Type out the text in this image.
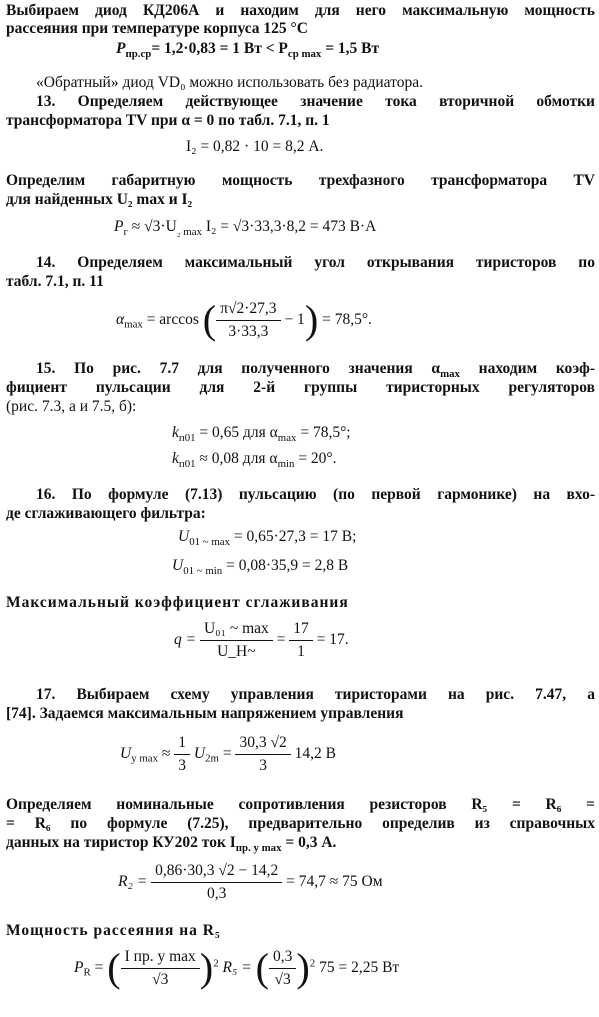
Выбираем диод КД206А и находим для него максимальную мощность
рассеяния при температуре корпуса 125 °C
$P_{пр.ср}= 1,2\cdot 0,83 = 1$ Вт < $P_{ср max} = 1,5$ Вт
«Обратный» диод VD₀ можно использовать без радиатора.
13. Определяем действующее значение тока вторичной обмотки
трансформатора TV при α = 0 по табл. 7.1, п. 1
I₂ = 0,82 · 10 = 8,2 А.
Определим габаритную мощность трехфазного трансформатора TV
для найденных U₂ max и I₂
$P_г \approx √3\cdot U_{_2 max}$ I₂ = √3·33,3·8,2 = 473 В·А
14. Определяем максимальный угол открывания тиристоров по
табл. 7.1, п. 11
$\alpha_{max} = \arccos$ ( $\frac{\pi√2\cdot 27,3}{3\cdot 33,3} - 1) = 78,5^\circ$.
15. По рис. 7.7 для полученного значения $\alpha_{max}$ находим коэф-
фициент пульсации для 2-й группы тиристорных регуляторов
(рис. 7.3, а и 7.5, б):
$k_{п01} = 0,65$ для $\alpha_{max} = 78,5^\circ$;
$k_{п01} \approx 0,08$ для $\alpha_{min} = 20^\circ$.
16. По формуле (7.13) пульсацию (по первой гармонике) на вхо-
де сглаживающего фильтра:
$U_{01 \sim max} = 0,65\cdot 27,3 = 17$ В;
$U_{01 \sim min} = 0,08\cdot 35,9 = 2,8$ В
Максимальный коэффициент сглаживания
$q = \frac{\text{U₀₁ \textasciitilde{} max}}{U\_H\sim} = \frac{17}{1} = 17$.
17. Выбираем схему управления тиристорами на рис. 7.47, а
[74]. Задаемся максимальным напряжением управления
$U_{у max} \approx \frac{1}{3} U_{2m} = \frac{30,3 √2}{3} 14,2$ В
Определяем номинальные сопротивления резисторов R₅ = R₆ =
= R₆ по формуле (7.25), предварительно определив из справочных
данных на тиристор КУ202 ток $I_{пр. у max} = 0,3$ А.
$R_2 = \frac{0,86\cdot 30,3 √2 - 14,2}{0,3} = 74,7 \approx 75$ Ом
Мощность рассеяния на R₅
$P_R$ = ( $\frac{\text{I пр. у max}}{√3} )^2$ R₅ = ( $\frac{0,3}{√3} )^2$ 75 = 2,25 Вт
